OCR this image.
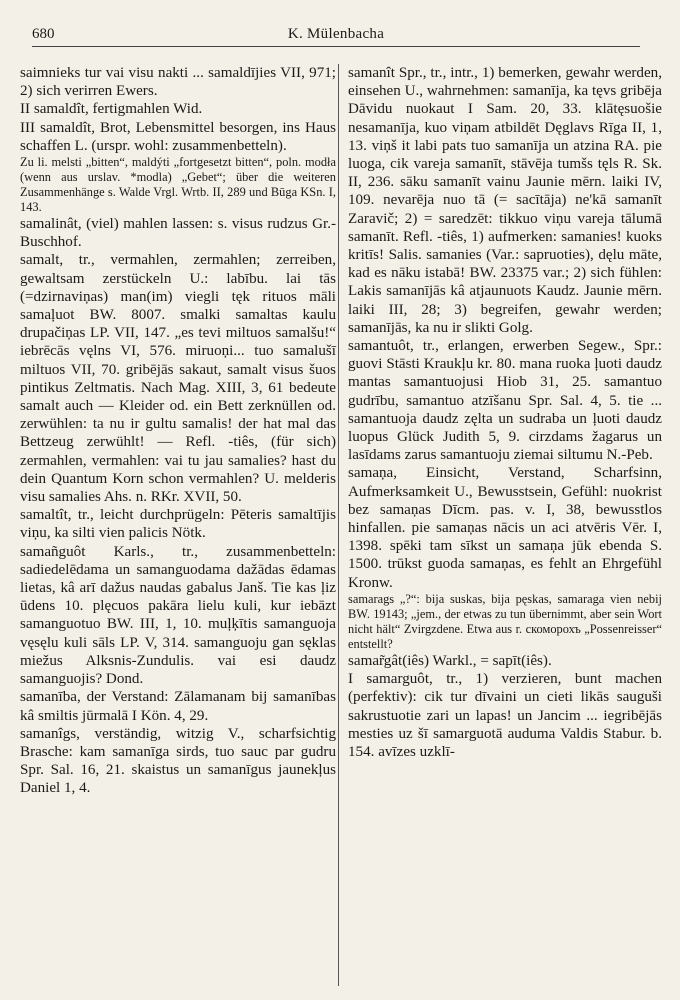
680	K. Mülenbacha

saimnieks tur vai visu nakti ... samaldījies VII, 971; 2) sich verirren Ewers.

II samaldît, fertigmahlen Wid.

III samaldît, Brot, Lebensmittel besorgen, ins Haus schaffen L. (urspr. wohl: zusammenbetteln).

Zu li. melsti „bitten“, maldýti „fortgesetzt bitten“, poln. modła (wenn aus urslav. *modla) „Gebet“; über die weiteren Zusammenhänge s. Walde Vrgl. Wrtb. II, 289 und Būga KSn. I, 143.

samalinât, (viel) mahlen lassen: s. visus rudzus Gr.-Buschhof.

samalt, tr., vermahlen, zermahlen; zerreiben, gewaltsam zerstückeln U.: labību. lai tās (=dzirnaviņas) man(im) viegli tęk rituos māli samaļuot BW. 8007. smalki samaltas kaulu drupačiņas LP. VII, 147. „es tevi miltuos samalšu!“ iebrēcās vęlns VI, 576. miruoņi... tuo samalušī miltuos VII, 70. gribējās sakaut, samalt visus šuos pintikus Zeltmatis. Nach Mag. XIII, 3, 61 bedeute samalt auch — Kleider od. ein Bett zerknüllen od. zerwühlen: ta nu ir gultu samalis! der hat mal das Bettzeug zerwühlt! — Refl. -tiês, (für sich) zermahlen, vermahlen: vai tu jau samalies? hast du dein Quantum Korn schon vermahlen? U. melderis visu samalies Ahs. n. RKr. XVII, 50.

samaltît, tr., leicht durchprügeln: Pēteris samaltījis viņu, ka silti vien palicis Nötk.

samañguôt Karls., tr., zusammenbetteln: sadiedelēdama un samanguodama dažādas ēdamas lietas, kâ arī dažus naudas gabalus Janš. Tie kas ļiz ūdens 10. plęcuos pakāra lielu kuli, kur iebāzt samanguotuo BW. III, 1, 10. muļķītis samanguoja vęsęlu kuli sāls LP. V, 314. samanguoju gan sęklas miežus Alksnis-Zundulis. vai esi daudz samanguojis? Dond.

samanība, der Verstand: Zālamanam bij samanības kâ smiltis jūrmalā I Kön. 4, 29.

samanîgs, verständig, witzig V., scharfsichtig Brasche: kam samanīga sirds, tuo sauc par gudru Spr. Sal. 16, 21. skaistus un samanīgus jaunekļus Daniel 1, 4.

samanît Spr., tr., intr., 1) bemerken, gewahr werden, einsehen U., wahrnehmen: samanīja, ka tęvs gribēja Dāvidu nuokaut I Sam. 20, 33. klātęsuošie nesamanīja, kuo viņam atbildēt Dęglavs Rīga II, 1, 13. viņš it labi pats tuo samanīja un atzina RA. pie luoga, cik vareja samanīt, stāvēja tumšs tęls R. Sk. II, 236. sāku samanīt vainu Jaunie mērn. laiki IV, 109. nevarēja nuo tā (= sacītāja) ne'kā samanīt Zaravič; 2) = saredzēt: tikkuo viņu vareja tālumā samanīt. Refl. -tiês, 1) aufmerken: samanies! kuoks kritīs! Salis. samanies (Var.: sapruoties), dęlu māte, kad es nāku istabā! BW. 23375 var.; 2) sich fühlen: Lakis samanījās kâ atjaunuots Kaudz. Jaunie mērn. laiki III, 28; 3) begreifen, gewahr werden; samanījās, ka nu ir slikti Golg.

samantuôt, tr., erlangen, erwerben Segew., Spr.: guovi Stāsti Kraukļu kr. 80. mana ruoka ļuoti daudz mantas samantuojusi Hiob 31, 25. samantuo gudrību, samantuo atzīšanu Spr. Sal. 4, 5. tie ... samantuoja daudz zęlta un sudraba un ļuoti daudz luopus Glück Judith 5, 9. cirzdams žagarus un lasīdams zarus samantuoju ziemai siltumu N.-Peb.

samaņa, Einsicht, Verstand, Scharfsinn, Aufmerksamkeit U., Bewusstsein, Gefühl: nuokrist bez samaņas Dīcm. pas. v. I, 38, bewusstlos hinfallen. pie samaņas nācis un aci atvēris Vēr. I, 1398. spēki tam sīkst un samaņa jūk ebenda S. 1500. trūkst guoda samaņas, es fehlt an Ehrgefühl Kronw.

samarags „?“: bija suskas, bija pęskas, samaraga vien nebij BW. 19143; „jem., der etwas zu tun übernimmt, aber sein Wort nicht hält“ Zvirgzdene. Etwa aus r. скоморохъ „Possenreisser“ entstellt?

samar̃gât(iês) Warkl., = sapīt(iês).

I samarguôt, tr., 1) verzieren, bunt machen (perfektiv): cik tur dīvaini un cieti likās sauguši sakrustuotie zari un lapas! un Jancim ... iegribējās mesties uz šī samarguotā auduma Valdis Stabur. b. 154. avīzes uzklī-
